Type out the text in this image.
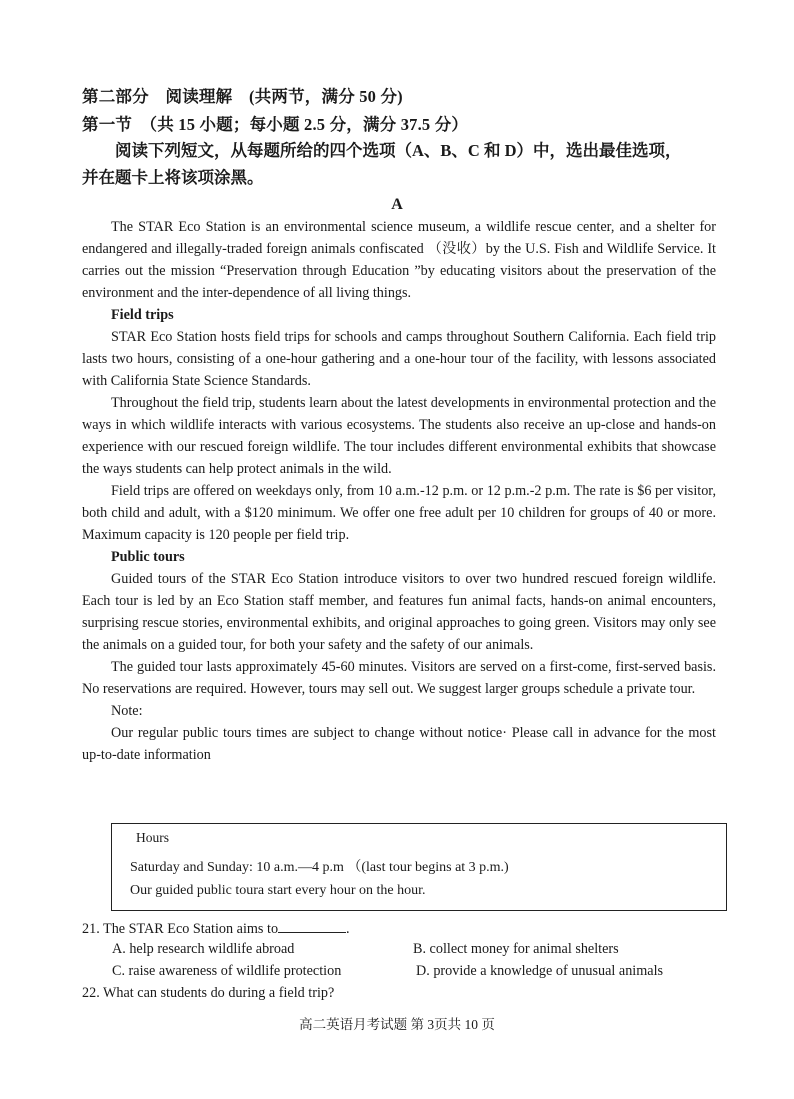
第二部分　阅读理解　(共两节，满分 50 分)
第一节　（共 15 小题；每小题 2.5 分，满分 37.5 分）
阅读下列短文，从每题所给的四个选项（A、B、C 和 D）中，选出最佳选项，
并在题卡上将该项涂黑。
A

The STAR Eco Station is an environmental science museum, a wildlife rescue center, and a shelter for endangered and illegally-traded foreign animals confiscated （没收）by the U.S. Fish and Wildlife Service. It carries out the mission “Preservation through Education ”by educating visitors about the preservation of the environment and the inter-dependence of all living things.

Field trips

STAR Eco Station hosts field trips for schools and camps throughout Southern California. Each field trip lasts two hours, consisting of a one-hour gathering and a one-hour tour of the facility, with lessons associated with California State Science Standards.

Throughout the field trip, students learn about the latest developments in environmental protection and the ways in which wildlife interacts with various ecosystems. The students also receive an up-close and hands-on experience with our rescued foreign wildlife. The tour includes different environmental exhibits that showcase the ways students can help protect animals in the wild.

Field trips are offered on weekdays only, from 10 a.m.-12 p.m. or 12 p.m.-2 p.m. The rate is $6 per visitor, both child and adult, with a $120 minimum. We offer one free adult per 10 children for groups of 40 or more. Maximum capacity is 120 people per field trip.

Public tours

Guided tours of the STAR Eco Station introduce visitors to over two hundred rescued foreign wildlife. Each tour is led by an Eco Station staff member, and features fun animal facts, hands-on animal encounters, surprising rescue stories, environmental exhibits, and original approaches to going green. Visitors may only see the animals on a guided tour, for both your safety and the safety of our animals.

The guided tour lasts approximately 45-60 minutes. Visitors are served on a first-come, first-served basis. No reservations are required. However, tours may sell out. We suggest larger groups schedule a private tour.

Note:

Our regular public tours times are subject to change without notice· Please call in advance for the most up-to-date information

Hours
Saturday and Sunday: 10 a.m.—4 p.m （(last tour begins at 3 p.m.)
Our guided public toura start every hour on the hour.
21. The STAR Eco Station aims to	.
A. help research wildlife abroad	B. collect money for animal shelters
C. raise awareness of wildlife protection	D. provide a knowledge of unusual animals
22. What can students do during a field trip?
高二英语月考试题 第 3页共 10 页
